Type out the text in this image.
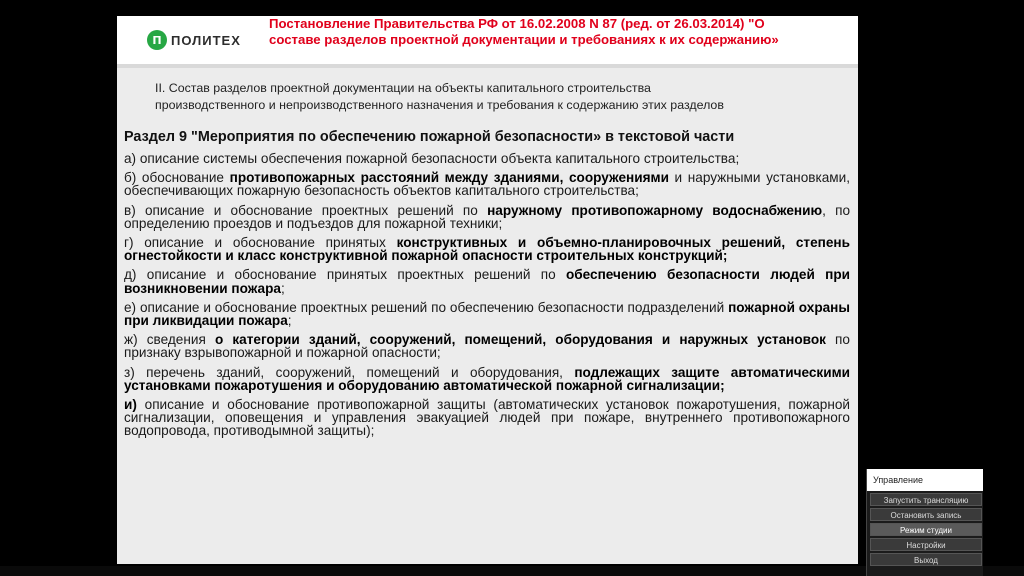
П ПОЛИТЕХ
Постановление Правительства РФ от 16.02.2008 N 87 (ред. от 26.03.2014) "О
составе разделов проектной документации и требованиях к их содержанию»
II. Состав разделов проектной документации на объекты капитального строительства
производственного и непроизводственного назначения и требования к содержанию этих разделов
Раздел 9 "Мероприятия по обеспечению пожарной безопасности» в текстовой части
а) описание системы обеспечения пожарной безопасности объекта капитального строительства;
б) обоснование противопожарных расстояний между зданиями, сооружениями и наружными установками, обеспечивающих пожарную безопасность объектов капитального строительства;
в) описание и обоснование проектных решений по наружному противопожарному водоснабжению, по определению проездов и подъездов для пожарной техники;
г) описание и обоснование принятых конструктивных и объемно-планировочных решений, степень огнестойкости и класс конструктивной пожарной опасности строительных конструкций;
д) описание и обоснование принятых проектных решений по обеспечению безопасности людей при возникновении пожара;
е) описание и обоснование проектных решений по обеспечению безопасности подразделений пожарной охраны при ликвидации пожара;
ж) сведения о категории зданий, сооружений, помещений, оборудования и наружных установок по признаку взрывопожарной и пожарной опасности;
з) перечень зданий, сооружений, помещений и оборудования, подлежащих защите автоматическими установками пожаротушения и оборудованию автоматической пожарной сигнализации;
и) описание и обоснование противопожарной защиты (автоматических установок пожаротушения, пожарной сигнализации, оповещения и управления эвакуацией людей при пожаре, внутреннего противопожарного водопровода, противодымной защиты);
Управление
Запустить трансляцию
Остановить запись
Режим студии
Настройки
Выход
